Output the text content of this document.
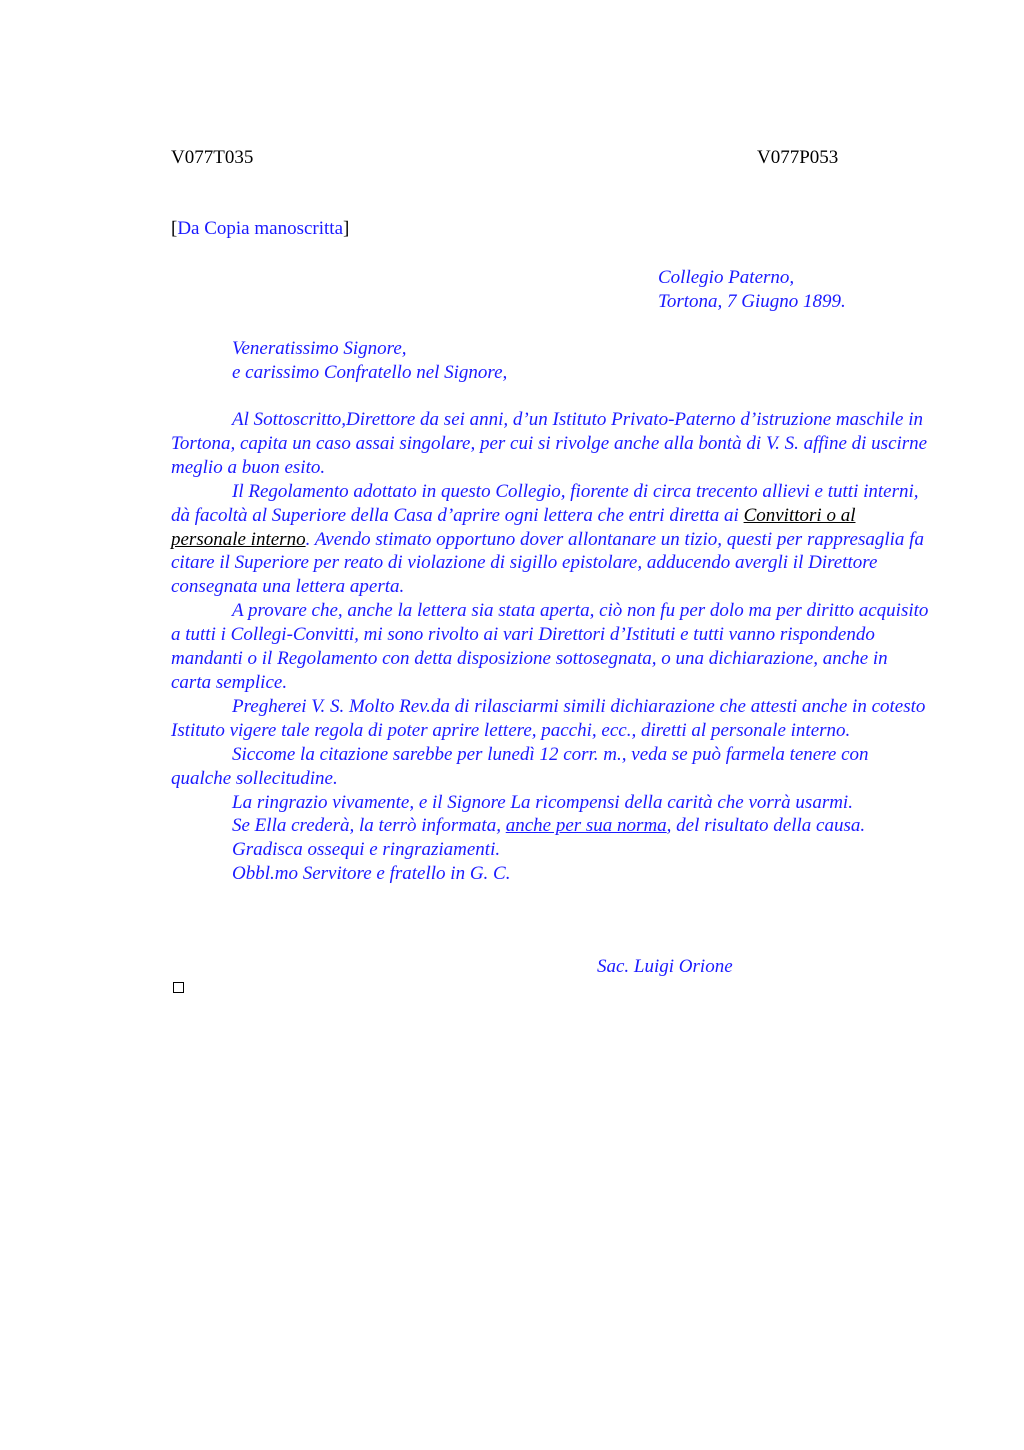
V077T035	V077P053
[Da Copia manoscritta]
Collegio Paterno,
Tortona, 7 Giugno 1899.
Veneratissimo Signore,
e carissimo Confratello nel Signore,

Al Sottoscritto,Direttore da sei anni, d’un Istituto Privato-Paterno d’istruzione maschile in Tortona, capita un caso assai singolare, per cui si rivolge anche alla bontà di V. S. affine di uscirne meglio a buon esito.

Il Regolamento adottato in questo Collegio, fiorente di circa trecento allievi e tutti interni, dà facoltà al Superiore della Casa d’aprire ogni lettera che entri diretta ai Convittori o al personale interno. Avendo stimato opportuno dover allontanare un tizio, questi per rappresaglia fa citare il Superiore per reato di violazione di sigillo epistolare, adducendo avergli il Direttore consegnata una lettera aperta.

A provare che, anche la lettera sia stata aperta, ciò non fu per dolo ma per diritto acquisito a tutti i Collegi-Convitti, mi sono rivolto ai vari Direttori d’Istituti e tutti vanno rispondendo mandanti o il Regolamento con detta disposizione sottosegnata, o una dichiarazione, anche in carta semplice.

Pregherei V. S. Molto Rev.da di rilasciarmi simili dichiarazione che attesti anche in cotesto Istituto vigere tale regola di poter aprire lettere, pacchi, ecc., diretti al personale interno.

Siccome la citazione sarebbe per lunedì 12 corr. m., veda se può farmela tenere con qualche sollecitudine.

La ringrazio vivamente, e il Signore La ricompensi della carità che vorrà usarmi.

Se Ella crederà, la terrò informata, anche per sua norma, del risultato della causa.

Gradisca ossequi e ringraziamenti.

Obbl.mo Servitore e fratello in G. C.

Sac. Luigi Orione
